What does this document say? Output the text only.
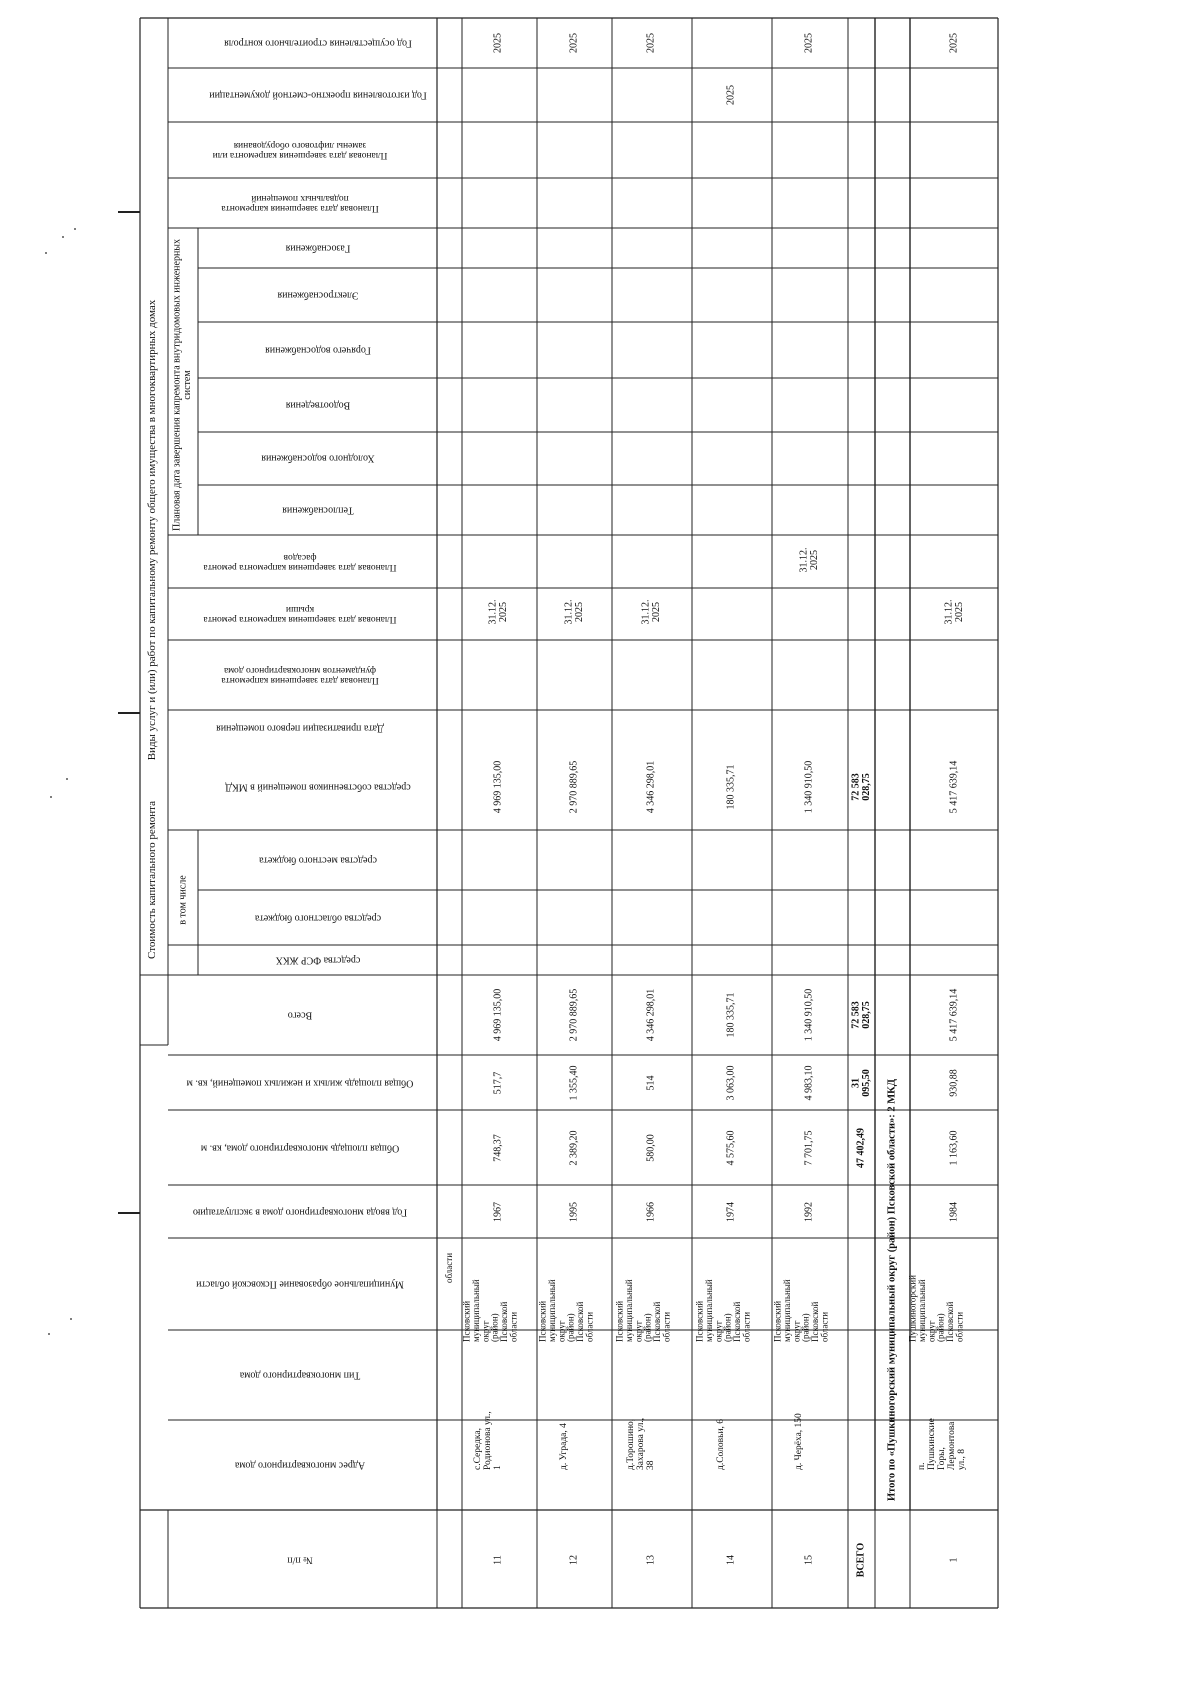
Виды услуг и (или) работ по капитальному ремонту общего имущества в многоквартирных домах
Стоимость капитального ремонта в том числе
Плановая дата завершения капремонта внутридомовых инженерныхсистем
Год осуществления строительного контроля
Год изготовления проектно-сметной документации
Плановая дата завершения капремонта илизамены лифтового оборудования
Плановая дата завершения капремонтаподвальных помещений
Газоснабжения
Электроснабжения
Горячего водоснабжения
Водоотведения
Холодного водоснабжения
Теплоснабжения
Плановая дата завершения капремонта ремонтафасадов
Плановая дата завершения капремонта ремонтакрыши
Плановая дата завершения капремонтафундаментов многоквартирного дома
Дата приватизации первого помещения
средства собственников помещений в МКД
средства местного бюджета
средства областного бюджета
средства ФСР ЖКХ
Всего
Общая площадь жилых и нежилых помещений, кв. м
Общая площадь многоквартирного дома, кв. м
Год ввода многоквартирного дома в эксплуатацию
Муниципальное образование Псковской области
Тип многоквартирного дома
Адрес многоквартирного дома
№ п/п
области
11
с.Середка,Родионова ул.,1
Псковскиймуниципальныйокруг(район)Псковскойобласти
1967
748,37
517,7
4 969 135,00
4 969 135,00
31.12.2025
2025
12
д. Уграда, 4
Псковскиймуниципальныйокруг(район)Псковскойобласти
1995
2 389,20
1 355,40
2 970 889,65
2 970 889,65
31.12.2025
2025
13
д.Торошино,Захарова ул.,38
Псковскиймуниципальныйокруг(район)Псковскойобласти
1966
580,00
514
4 346 298,01
4 346 298,01
31.12.2025
2025
14
д.Соловьи, 6
Псковскиймуниципальныйокруг(район)Псковскойобласти
1974
4 575,60
3 063,00
180 335,71
180 335,71
2025
15
д. Черёха, 150
Псковскиймуниципальныйокруг(район)Псковскойобласти
1992
7 701,75
4 983,10
1 340 910,50
1 340 910,50
31.12.2025
2025
ВСЕГО
47 402,49
31095,50
72 583028,75
72 583028,75
Итого по «Пушкиногорский муниципальный округ (район) Псковской области»: 2 МКД
1
п.ПушкинскиеГоры,Лермонтоваул., 8
Пушкиногорскиймуниципальныйокруг(район)Псковскойобласти
1984
1 163,60
930,88
5 417 639,14
5 417 639,14
31.12.2025
2025
